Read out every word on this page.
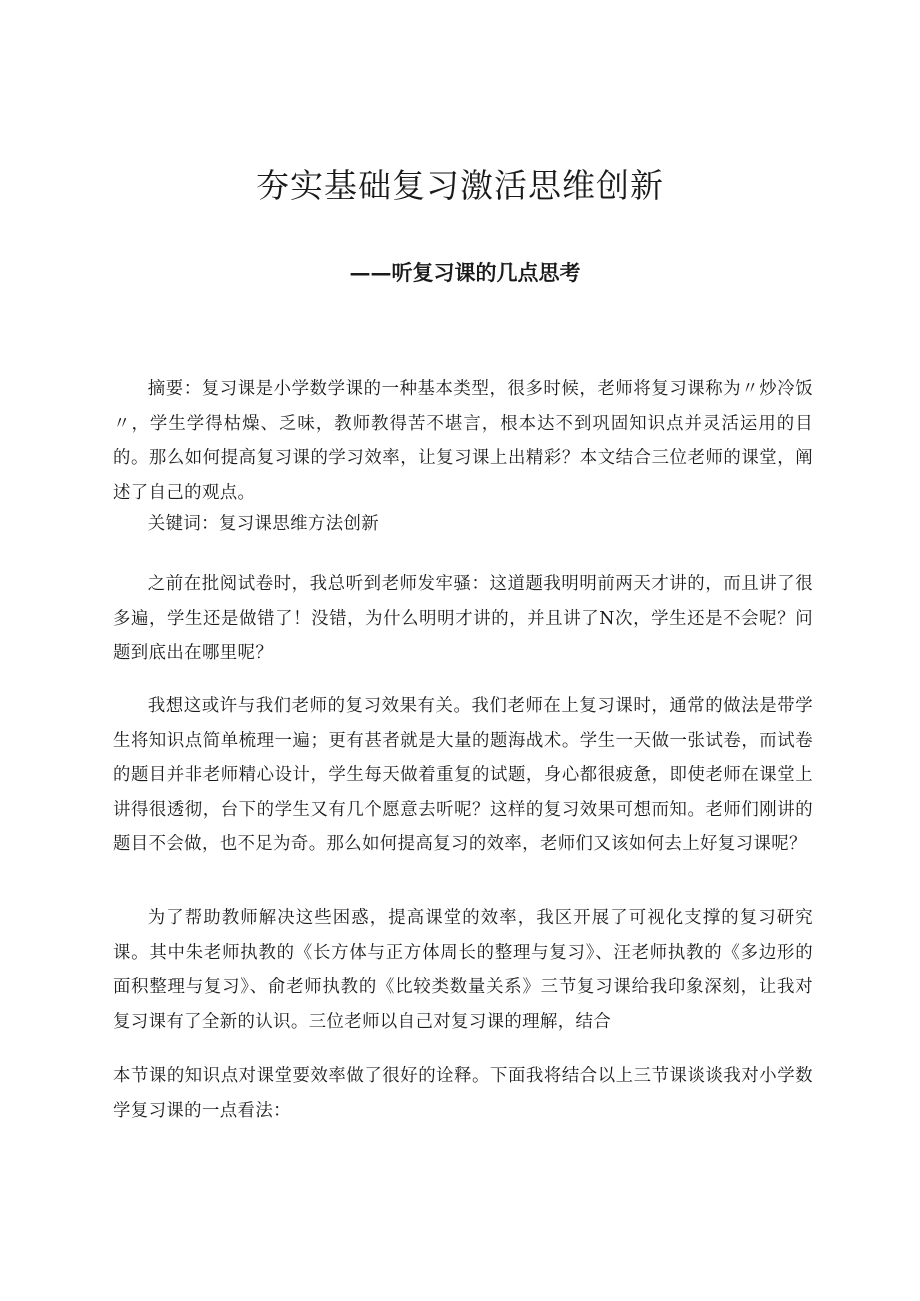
夯实基础复习激活思维创新
——听复习课的几点思考

摘要：复习课是小学数学课的一种基本类型，很多时候，老师将复习课称为〃炒冷饭〃，学生学得枯燥、乏味，教师教得苦不堪言，根本达不到巩固知识点并灵活运用的目的。那么如何提高复习课的学习效率，让复习课上出精彩？本文结合三位老师的课堂，阐述了自己的观点。

关键词：复习课思维方法创新

之前在批阅试卷时，我总听到老师发牢骚：这道题我明明前两天才讲的，而且讲了很多遍，学生还是做错了！没错，为什么明明才讲的，并且讲了N次，学生还是不会呢？问题到底出在哪里呢？

我想这或许与我们老师的复习效果有关。我们老师在上复习课时，通常的做法是带学生将知识点简单梳理一遍；更有甚者就是大量的题海战术。学生一天做一张试卷，而试卷的题目并非老师精心设计，学生每天做着重复的试题，身心都很疲惫，即使老师在课堂上讲得很透彻，台下的学生又有几个愿意去听呢？这样的复习效果可想而知。老师们刚讲的题目不会做，也不足为奇。那么如何提高复习的效率，老师们又该如何去上好复习课呢？

为了帮助教师解决这些困惑，提高课堂的效率，我区开展了可视化支撑的复习研究课。其中朱老师执教的《长方体与正方体周长的整理与复习》、汪老师执教的《多边形的面积整理与复习》、俞老师执教的《比较类数量关系》三节复习课给我印象深刻，让我对复习课有了全新的认识。三位老师以自己对复习课的理解，结合

本节课的知识点对课堂要效率做了很好的诠释。下面我将结合以上三节课谈谈我对小学数学复习课的一点看法：
